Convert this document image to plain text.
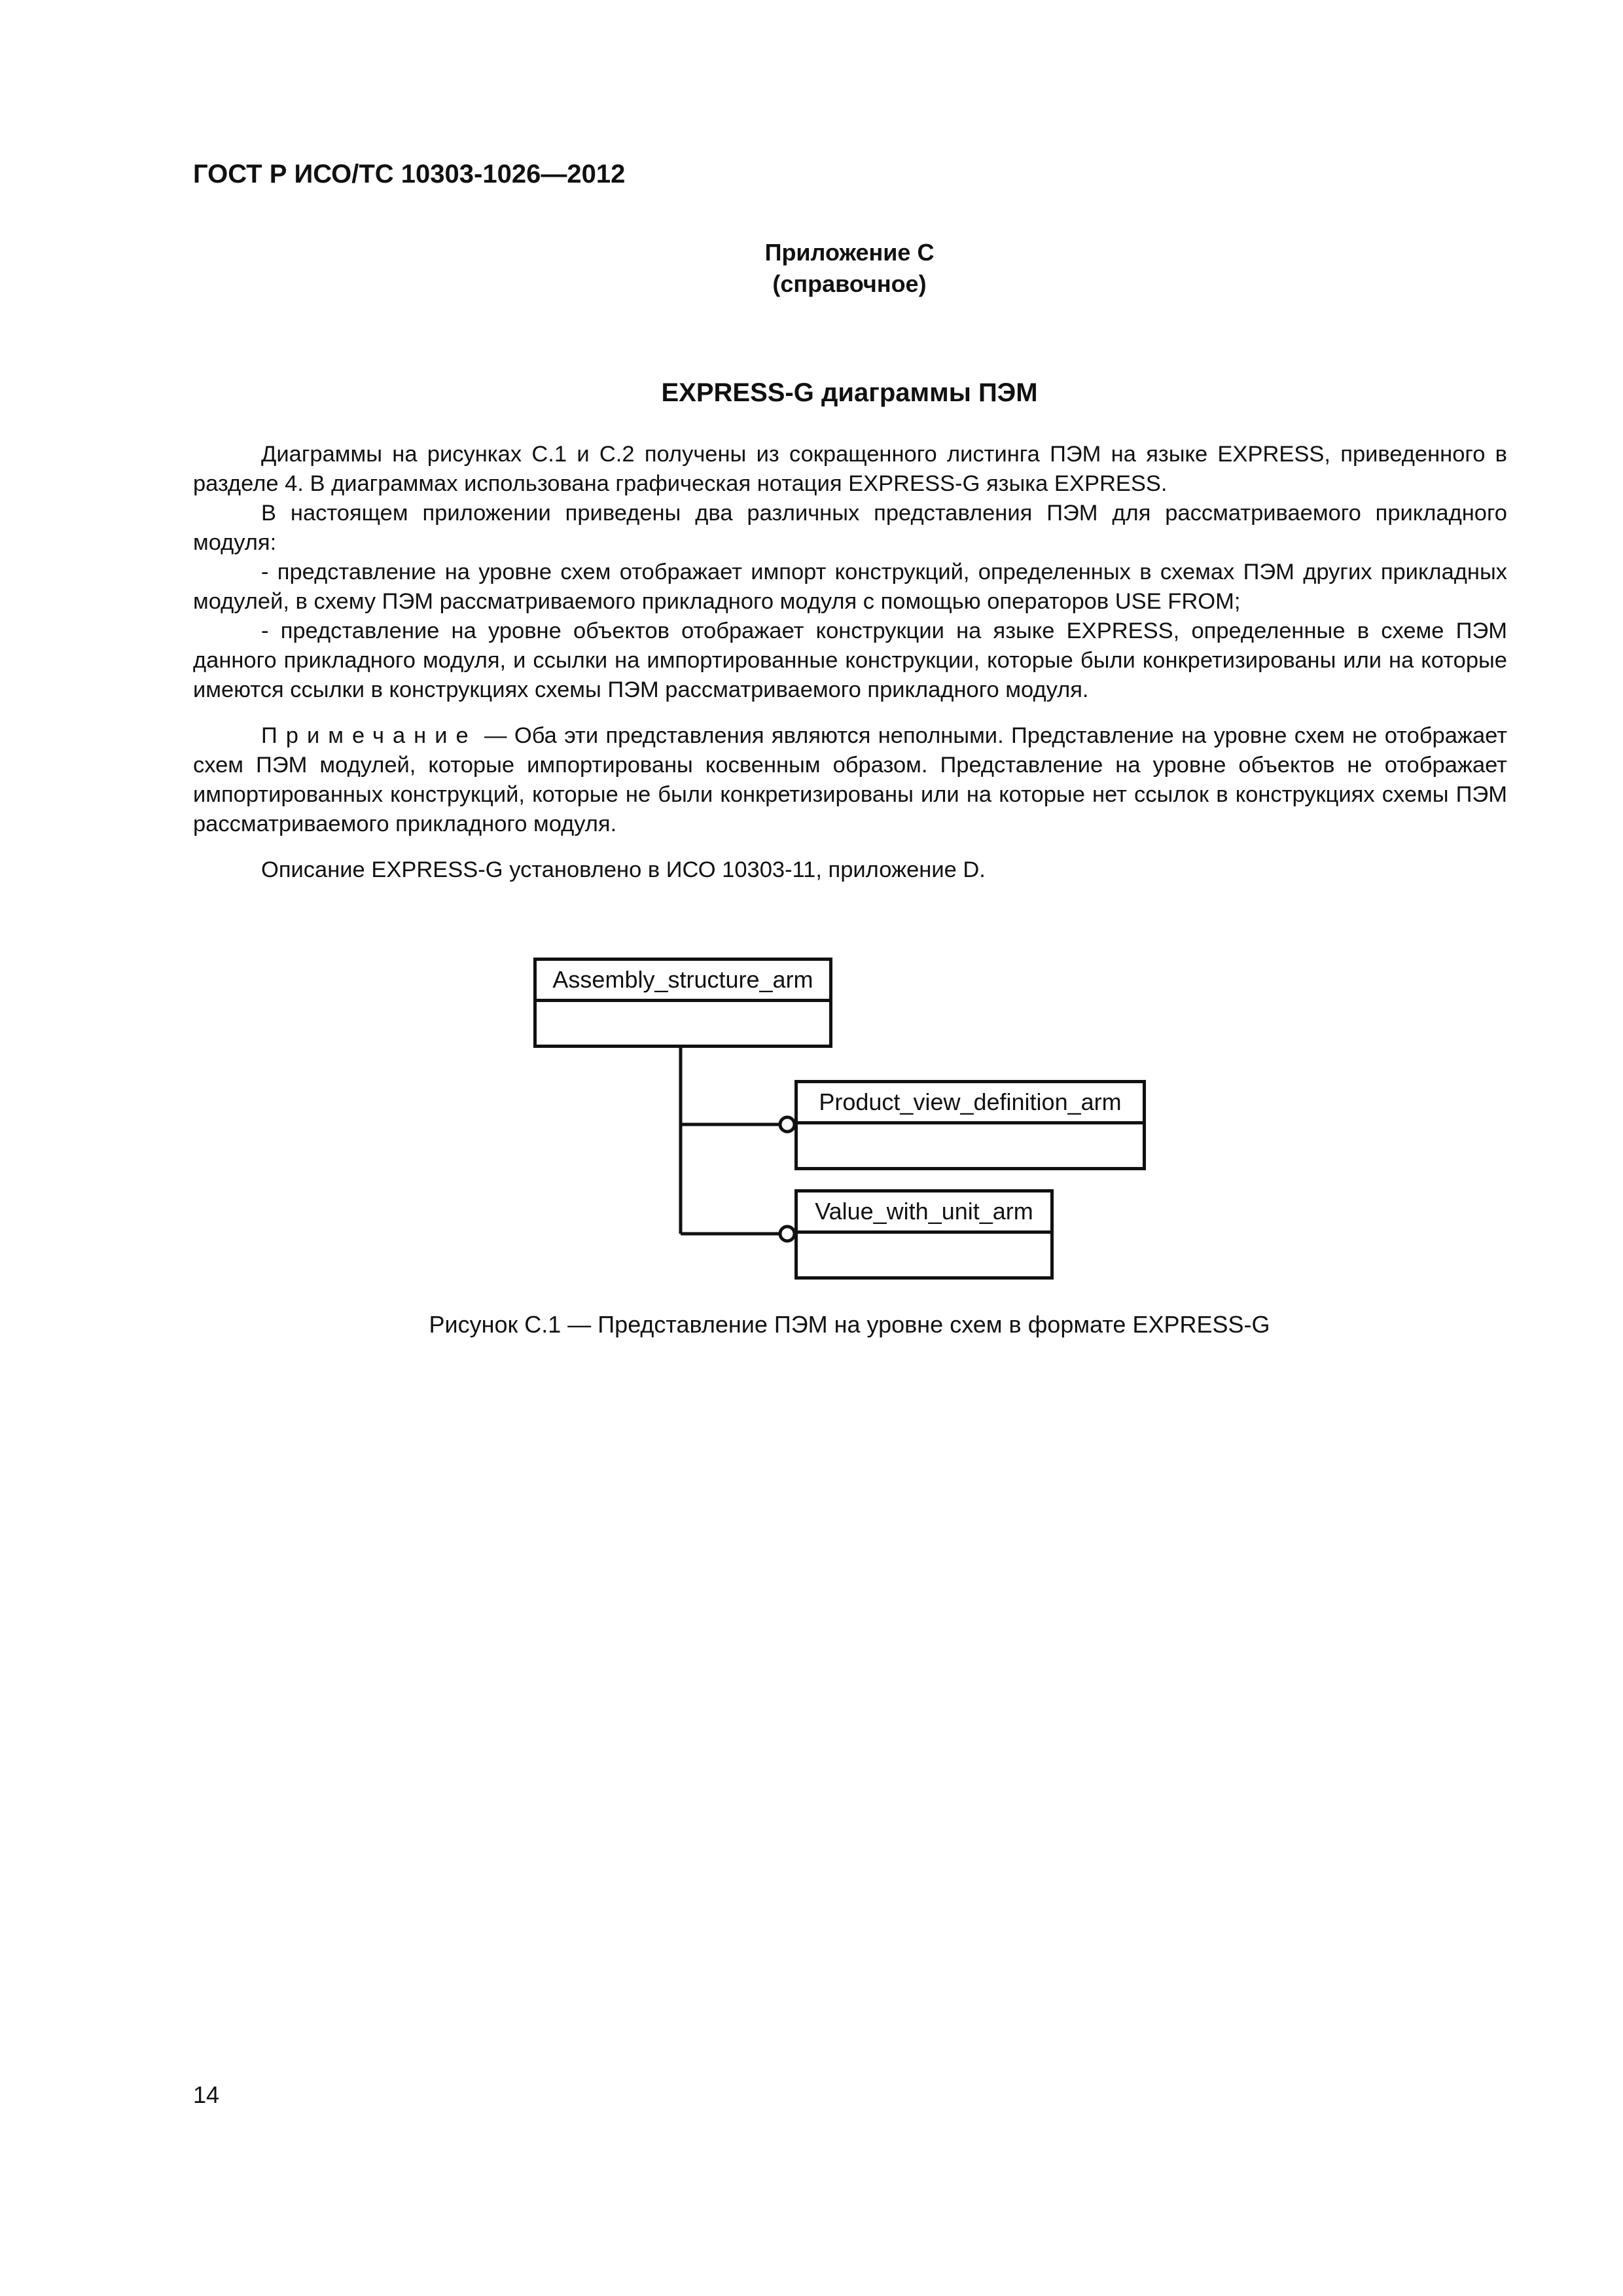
ГОСТ Р ИСО/ТС 10303-1026—2012
Приложение С
(справочное)
EXPRESS-G диаграммы ПЭМ

Диаграммы на рисунках С.1 и С.2 получены из сокращенного листинга ПЭМ на языке EXPRESS, приведенного в разделе 4. В диаграммах использована графическая нотация EXPRESS-G языка EXPRESS.

В настоящем приложении приведены два различных представления ПЭМ для рассматриваемого прикладного модуля:

- представление на уровне схем отображает импорт конструкций, определенных в схемах ПЭМ других прикладных модулей, в схему ПЭМ рассматриваемого прикладного модуля с помощью операторов USE FROM;

- представление на уровне объектов отображает конструкции на языке EXPRESS, определенные в схеме ПЭМ данного прикладного модуля, и ссылки на импортированные конструкции, которые были конкретизированы или на которые имеются ссылки в конструкциях схемы ПЭМ рассматриваемого прикладного модуля.

Примечание — Оба эти представления являются неполными. Представление на уровне схем не отображает схем ПЭМ модулей, которые импортированы косвенным образом. Представление на уровне объектов не отображает импортированных конструкций, которые не были конкретизированы или на которые нет ссылок в конструкциях схемы ПЭМ рассматриваемого прикладного модуля.

Описание EXPRESS-G установлено в ИСО 10303-11, приложение D.

Assembly_structure_arm
Product_view_definition_arm
Value_with_unit_arm
Рисунок С.1 — Представление ПЭМ на уровне схем в формате EXPRESS-G
14
